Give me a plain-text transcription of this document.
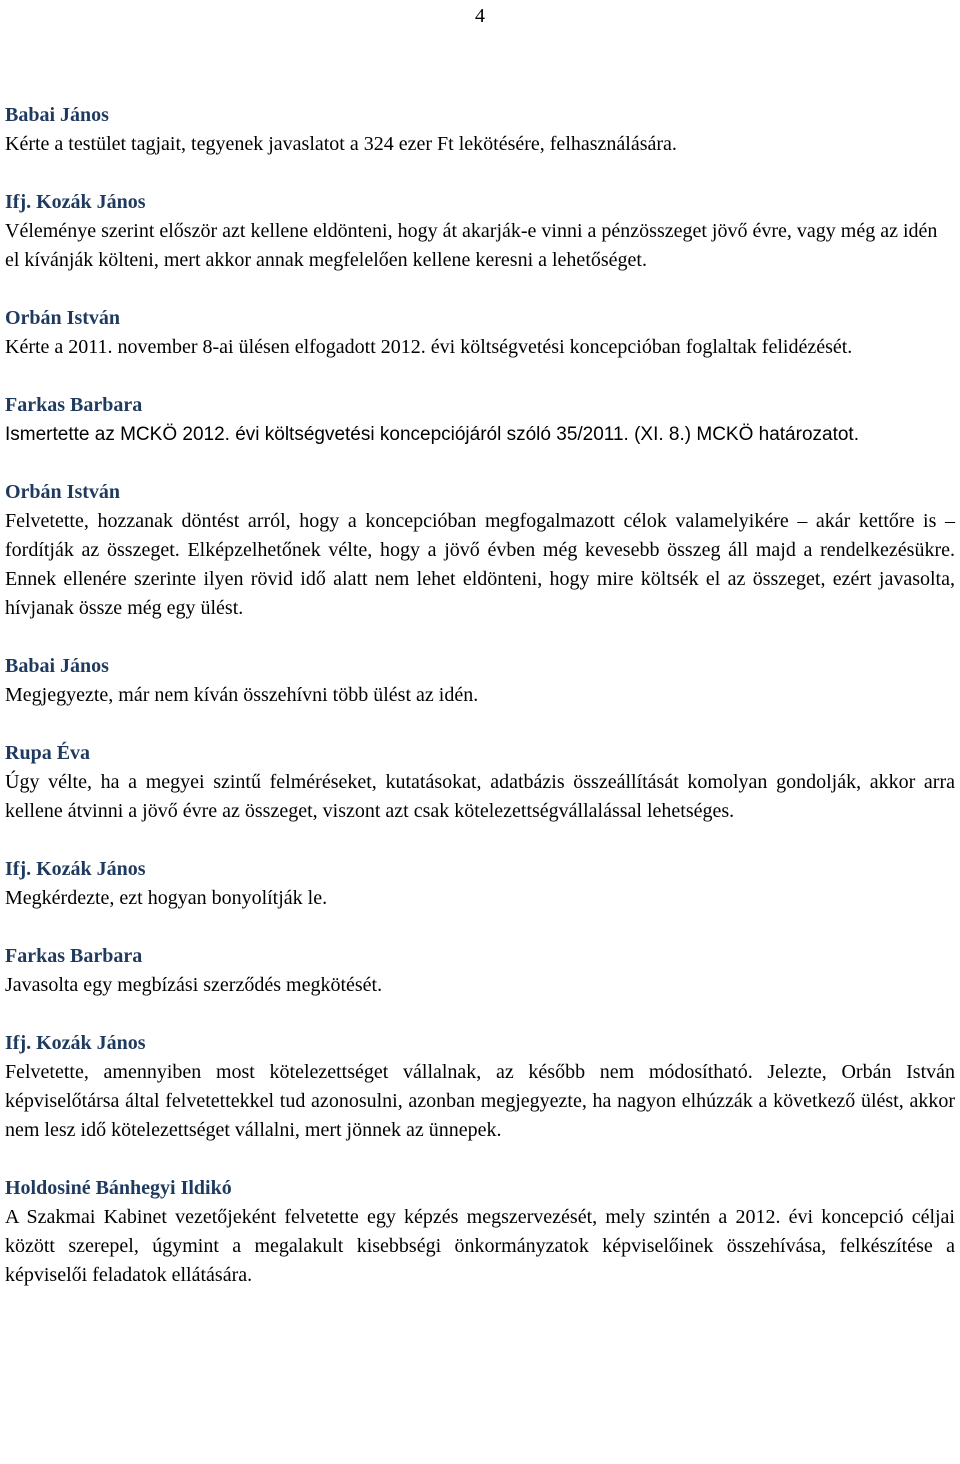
4
Babai János

Kérte a testület tagjait, tegyenek javaslatot a 324 ezer Ft lekötésére, felhasználására.

Ifj. Kozák János

Véleménye szerint először azt kellene eldönteni, hogy át akarják-e vinni a pénzösszeget jövő évre, vagy még az idén el kívánják költeni, mert akkor annak megfelelően kellene keresni a lehetőséget.

Orbán István

Kérte a 2011. november 8-ai ülésen elfogadott 2012. évi költségvetési koncepcióban foglaltak felidézését.

Farkas Barbara

Ismertette az MCKÖ 2012. évi költségvetési koncepciójáról szóló 35/2011. (XI. 8.) MCKÖ határozatot.

Orbán István

Felvetette, hozzanak döntést arról, hogy a koncepcióban megfogalmazott célok valamelyikére – akár kettőre is – fordítják az összeget. Elképzelhetőnek vélte, hogy a jövő évben még kevesebb összeg áll majd a rendelkezésükre. Ennek ellenére szerinte ilyen rövid idő alatt nem lehet eldönteni, hogy mire költsék el az összeget, ezért javasolta, hívjanak össze még egy ülést.

Babai János

Megjegyezte, már nem kíván összehívni több ülést az idén.

Rupa Éva

Úgy vélte, ha a megyei szintű felméréseket, kutatásokat, adatbázis összeállítását komolyan gondolják, akkor arra kellene átvinni a jövő évre az összeget, viszont azt csak kötelezettségvállalással lehetséges.

Ifj. Kozák János

Megkérdezte, ezt hogyan bonyolítják le.

Farkas Barbara

Javasolta egy megbízási szerződés megkötését.

Ifj. Kozák János

Felvetette, amennyiben most kötelezettséget vállalnak, az később nem módosítható. Jelezte, Orbán István képviselőtársa által felvetettekkel tud azonosulni, azonban megjegyezte, ha nagyon elhúzzák a következő ülést, akkor nem lesz idő kötelezettséget vállalni, mert jönnek az ünnepek.

Holdosiné Bánhegyi Ildikó

A Szakmai Kabinet vezetőjeként felvetette egy képzés megszervezését, mely szintén a 2012. évi koncepció céljai között szerepel, úgymint a megalakult kisebbségi önkormányzatok képviselőinek összehívása, felkészítése a képviselői feladatok ellátására.
